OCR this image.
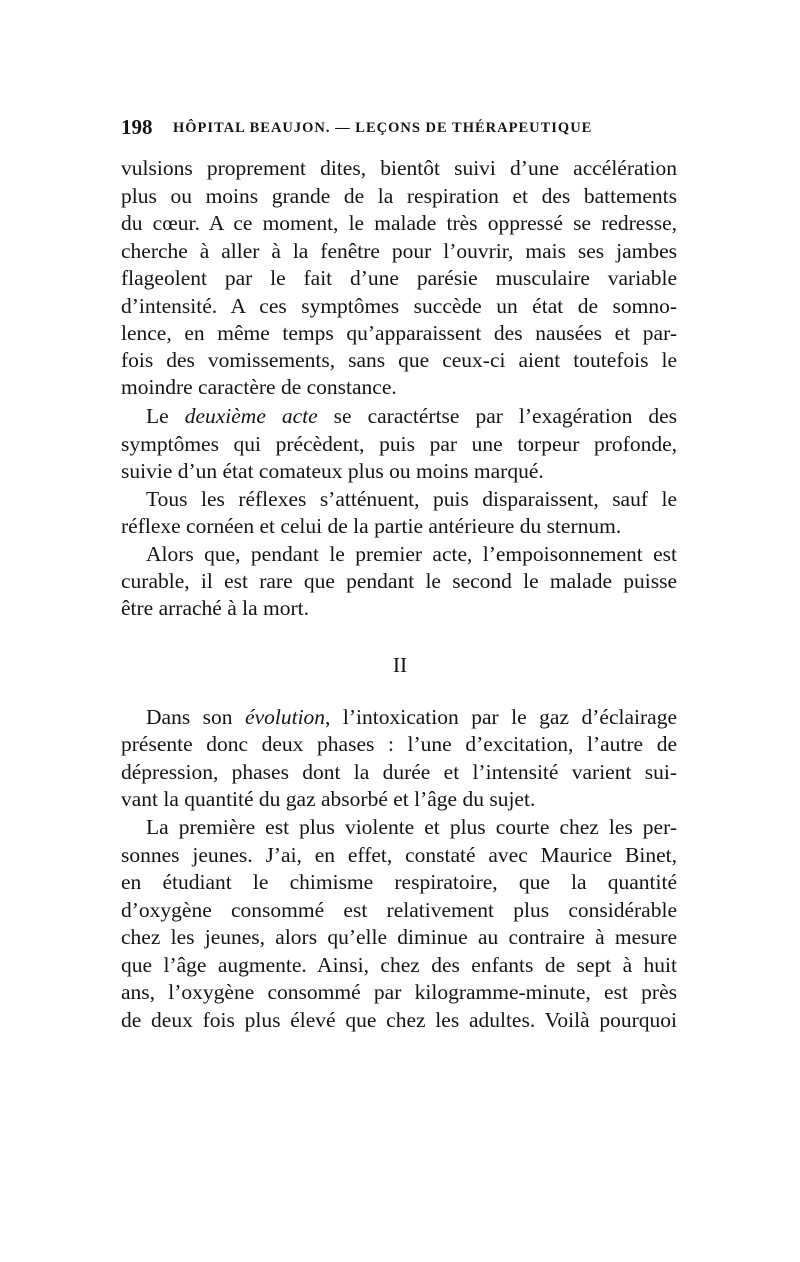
198 HÔPITAL BEAUJON. — LEÇONS DE THÉRAPEUTIQUE
vulsions proprement dites, bientôt suivi d’une accélération
plus ou moins grande de la respiration et des battements
du cœur. A ce moment, le malade très oppressé se redresse,
cherche à aller à la fenêtre pour l’ouvrir, mais ses jambes
flageolent par le fait d’une parésie musculaire variable
d’intensité. A ces symptômes succède un état de somno-
lence, en même temps qu’apparaissent des nausées et par-
fois des vomissements, sans que ceux-ci aient toutefois le
moindre caractère de constance.
Le deuxième acte se caractértse par l’exagération des
symptômes qui précèdent, puis par une torpeur profonde,
suivie d’un état comateux plus ou moins marqué.
Tous les réflexes s’atténuent, puis disparaissent, sauf le
réflexe cornéen et celui de la partie antérieure du sternum.
Alors que, pendant le premier acte, l’empoisonnement est
curable, il est rare que pendant le second le malade puisse
être arraché à la mort.
II
Dans son évolution, l’intoxication par le gaz d’éclairage
présente donc deux phases : l’une d’excitation, l’autre de
dépression, phases dont la durée et l’intensité varient sui-
vant la quantité du gaz absorbé et l’âge du sujet.
La première est plus violente et plus courte chez les per-
sonnes jeunes. J’ai, en effet, constaté avec Maurice Binet,
en étudiant le chimisme respiratoire, que la quantité
d’oxygène consommé est relativement plus considérable
chez les jeunes, alors qu’elle diminue au contraire à mesure
que l’âge augmente. Ainsi, chez des enfants de sept à huit
ans, l’oxygène consommé par kilogramme-minute, est près
de deux fois plus élevé que chez les adultes. Voilà pourquoi
